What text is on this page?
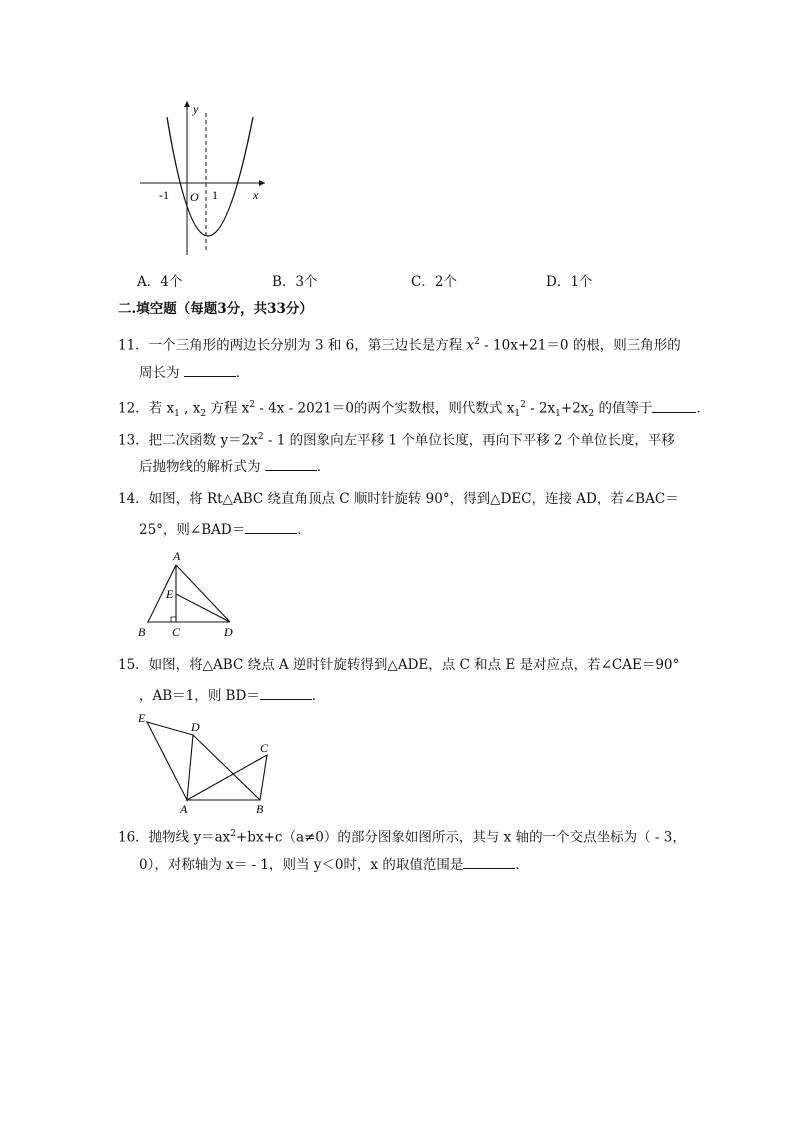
y
x
-1 O 1
A．4个	B．3个	C．2个	D．1个
二.填空题（每题3分，共33分）
11．一个三角形的两边长分别为 3 和 6，第三边长是方程 $x^2 - 10x+21=0$ 的根，则三角形的
周长为	．
12．若 $x_1$ , $x_2$ 方程 $x^2 - 4x - 2021=0$的两个实数根，则代数式 $x_1^2 - 2x_1+2x_2$ 的值等于	．
13．把二次函数 $y=2x^2 - 1$ 的图象向左平移 1 个单位长度，再向下平移 2 个单位长度，平移
后抛物线的解析式为	．
14．如图，将 Rt△ABC 绕直角顶点 C 顺时针旋转 90°，得到△DEC，连接 AD，若∠BAC＝
25°，则∠BAD＝	．
A
E
B C	D
15．如图，将△ABC 绕点 A 逆时针旋转得到△ADE，点 C 和点 E 是对应点，若∠CAE＝90°
，AB＝1，则 BD＝	．
E
D
C
A	B
16．抛物线 $y=ax^2+bx+c(a\ne 0)$的部分图象如图所示，其与 x 轴的一个交点坐标为（ - 3，
0），对称轴为 x＝ - 1，则当 y＜0时，x 的取值范围是	．
